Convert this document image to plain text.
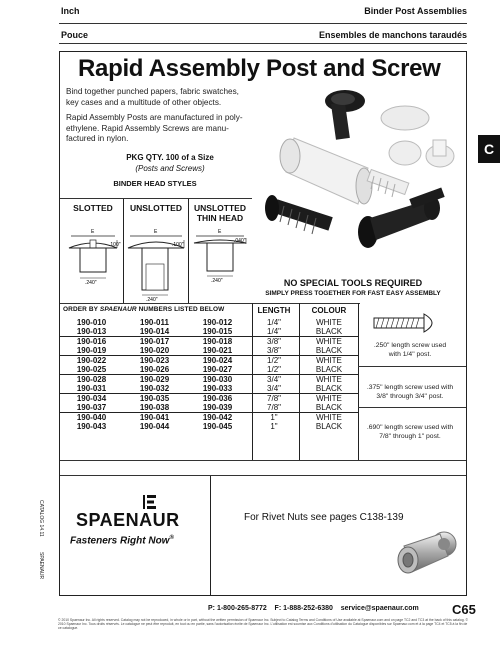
Inch
Pouce
Binder Post Assemblies
Ensembles de manchons taraudés
C
Rapid Assembly Post and Screw
Bind together punched papers, fabric swatches,
key cases and a multitude of other objects.
Rapid Assembly Posts are manufactured in poly-
ethylene. Rapid Assembly Screws are manu-
factured in nylon.
PKG QTY. 100 of a Size
(Posts and Screws)
BINDER HEAD STYLES
SLOTTED	UNSLOTTED	UNSLOTTED
THIN HEAD
E
.100"
.240"
E
.100"
.240"
E
.040"
.240"	NO SPECIAL TOOLS REQUIRED
SIMPLY PRESS TOGETHER FOR FAST EASY ASSEMBLY
ORDER BY SPAENAUR NUMBERS LISTED BELOW	LENGTH	COLOUR
190-010	190-011	190-012	1/4"	WHITE
190-013	190-014	190-015	1/4"	BLACK
190-016	190-017	190-018	3/8"	WHITE
190-019	190-020	190-021	3/8"	BLACK
190-022	190-023	190-024	1/2"	WHITE
190-025	190-026	190-027	1/2"	BLACK
190-028	190-029	190-030	3/4"	WHITE
190-031	190-032	190-033	3/4"	BLACK
190-034	190-035	190-036	7/8"	WHITE
190-037	190-038	190-039	7/8"	BLACK
190-040	190-041	190-042	1"	WHITE
190-043	190-044	190-045	1"	BLACK
.250" length screw used
with 1/4" post.
.375" length screw used with
3/8" through 3/4" post.
.690" length screw used with
7/8" through 1" post.
SPAENAUR
Fasteners Right Now®
For Rivet Nuts see pages C138-139
CATALOG 14.11
SPAENAUR
P: 1-800-265-8772 F: 1-888-252-6380 service@spaenaur.com	C65
© 2010 Spaenaur Inc. All rights reserved. Catalog may not be reproduced, in whole or in part, without the written permission of Spaenaur Inc. Subject to Catalog Terms and Conditions of Use available at Spaenaur.com and on page TC2 and TC3 at the back of this catalog. © 2010 Spaenaur Inc. Tous droits réservés. Le catalogue ne peut être reproduit, en tout ou en partie, sans l'autorisation écrite de Spaenaur Inc. L'utilisation est soumise aux Conditions d'utilisation du Catalogue disponibles sur Spaenaur.com et à la page TC4 et TC5 à la fin de ce catalogue.
